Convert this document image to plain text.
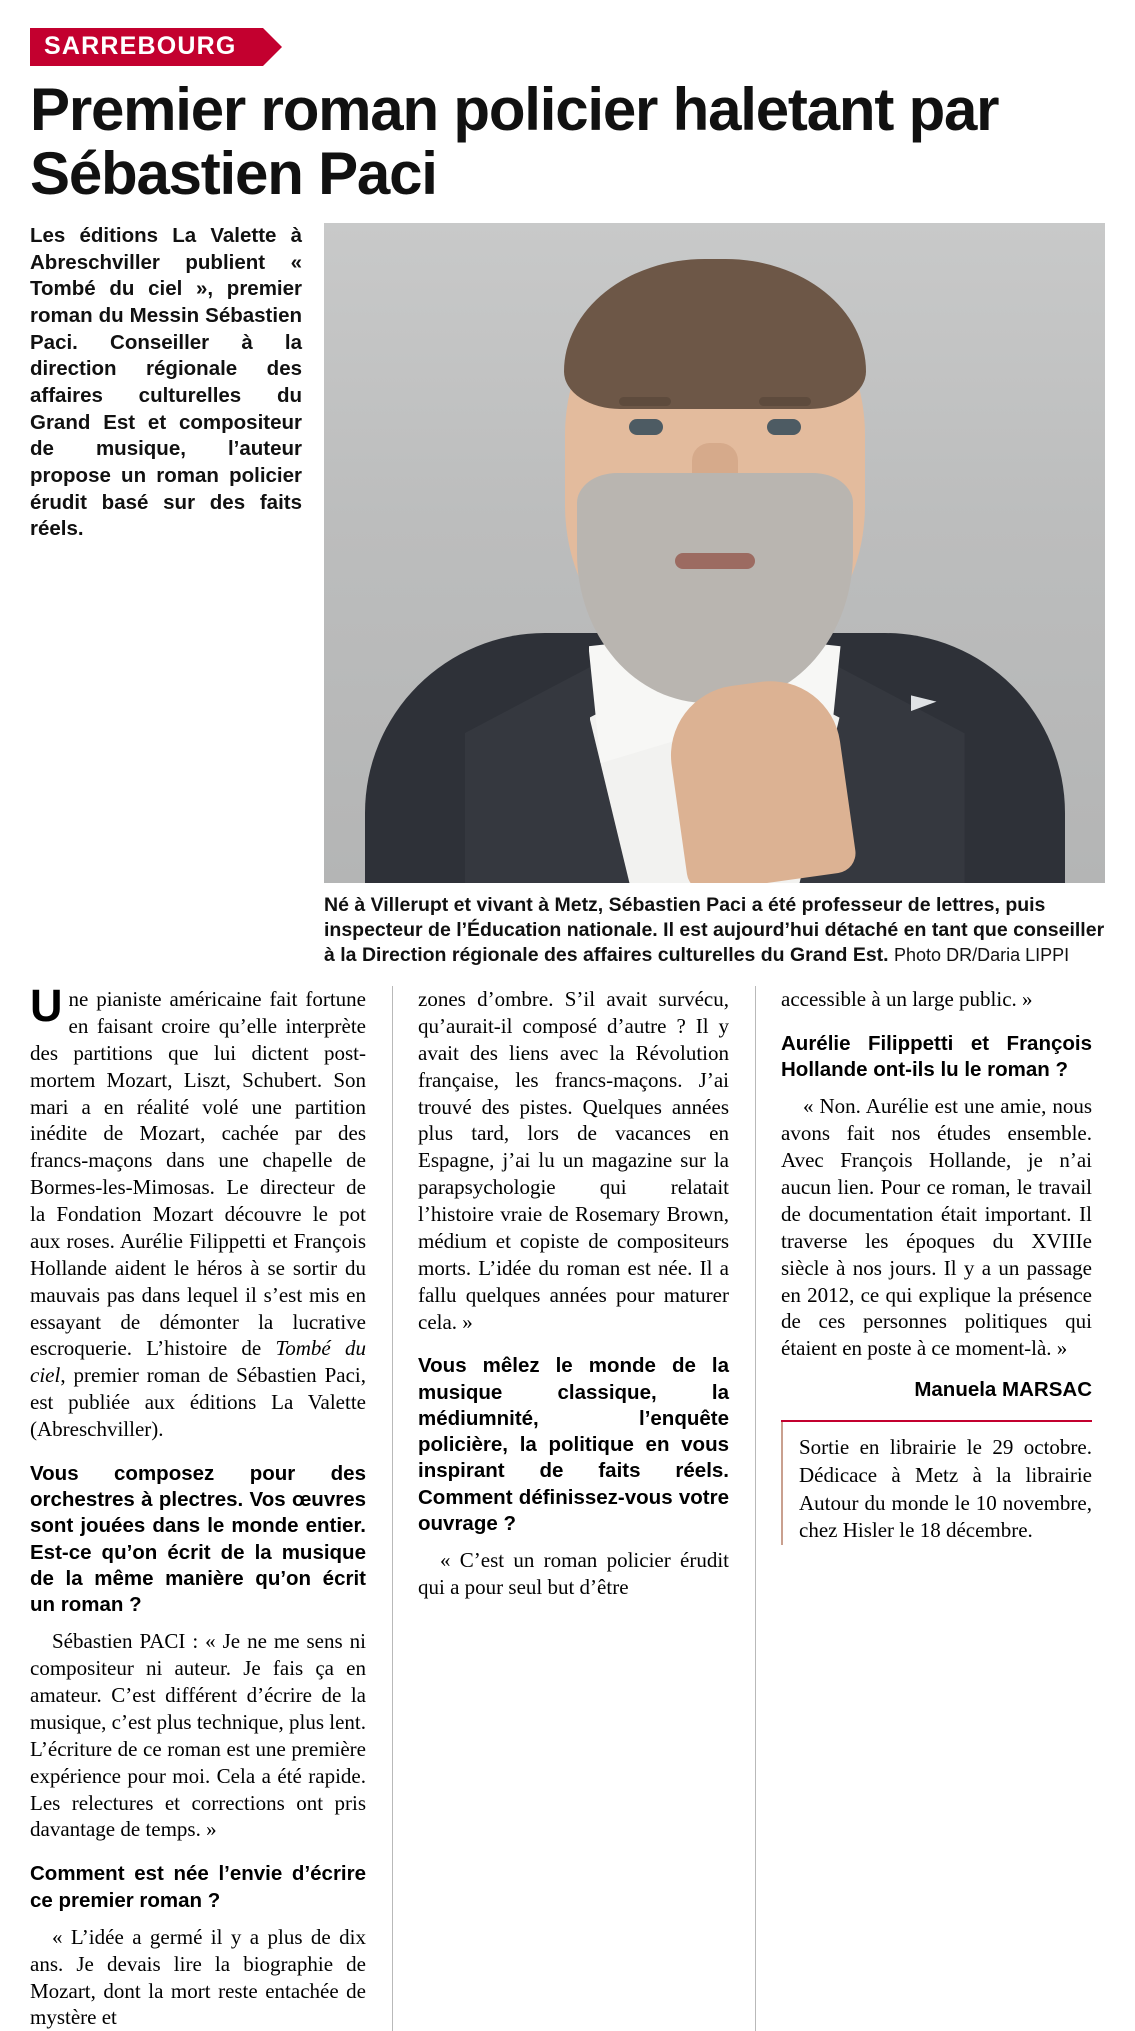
SARREBOURG
Premier roman policier haletant par Sébastien Paci
Les éditions La Valette à Abreschviller publient « Tombé du ciel », premier roman du Messin Sébastien Paci. Conseiller à la direction régionale des affaires culturelles du Grand Est et compositeur de musique, l’auteur propose un roman policier érudit basé sur des faits réels.
Né à Villerupt et vivant à Metz, Sébastien Paci a été professeur de lettres, puis inspecteur de l’Éducation nationale. Il est aujourd’hui détaché en tant que conseiller à la Direction régionale des affaires culturelles du Grand Est. Photo DR/Daria LIPPI

Une pianiste américaine fait fortune en faisant croire qu’elle interprète des partitions que lui dictent post-mortem Mozart, Liszt, Schubert. Son mari a en réalité volé une partition inédite de Mozart, cachée par des francs-maçons dans une chapelle de Bormes-les-Mimosas. Le directeur de la Fondation Mozart découvre le pot aux roses. Aurélie Filippetti et François Hollande aident le héros à se sortir du mauvais pas dans lequel il s’est mis en essayant de démonter la lucrative escroquerie. L’histoire de Tombé du ciel, premier roman de Sébastien Paci, est publiée aux éditions La Valette (Abreschviller).

Vous composez pour des orchestres à plectres. Vos œuvres sont jouées dans le monde entier. Est-ce qu’on écrit de la musique de la même manière qu’on écrit un roman ?

Sébastien PACI : « Je ne me sens ni compositeur ni auteur. Je fais ça en amateur. C’est différent d’écrire de la musique, c’est plus technique, plus lent. L’écriture de ce roman est une première expérience pour moi. Cela a été rapide. Les relectures et corrections ont pris davantage de temps. »

Comment est née l’envie d’écrire ce premier roman ?

« L’idée a germé il y a plus de dix ans. Je devais lire la biographie de Mozart, dont la mort reste entachée de mystère et

zones d’ombre. S’il avait survécu, qu’aurait-il composé d’autre ? Il y avait des liens avec la Révolution française, les francs-maçons. J’ai trouvé des pistes. Quelques années plus tard, lors de vacances en Espagne, j’ai lu un magazine sur la parapsychologie qui relatait l’histoire vraie de Rosemary Brown, médium et copiste de compositeurs morts. L’idée du roman est née. Il a fallu quelques années pour maturer cela. »

Vous mêlez le monde de la musique classique, la médiumnité, l’enquête policière, la politique en vous inspirant de faits réels. Comment définissez-vous votre ouvrage ?

« C’est un roman policier érudit qui a pour seul but d’être

accessible à un large public. »

Aurélie Filippetti et François Hollande ont-ils lu le roman ?

« Non. Aurélie est une amie, nous avons fait nos études ensemble. Avec François Hollande, je n’ai aucun lien. Pour ce roman, le travail de documentation était important. Il traverse les époques du XVIIIe siècle à nos jours. Il y a un passage en 2012, ce qui explique la présence de ces personnes politiques qui étaient en poste à ce moment-là. »

Manuela MARSAC

Sortie en librairie le 29 octobre. Dédicace à Metz à la librairie Autour du monde le 10 novembre, chez Hisler le 18 décembre.
